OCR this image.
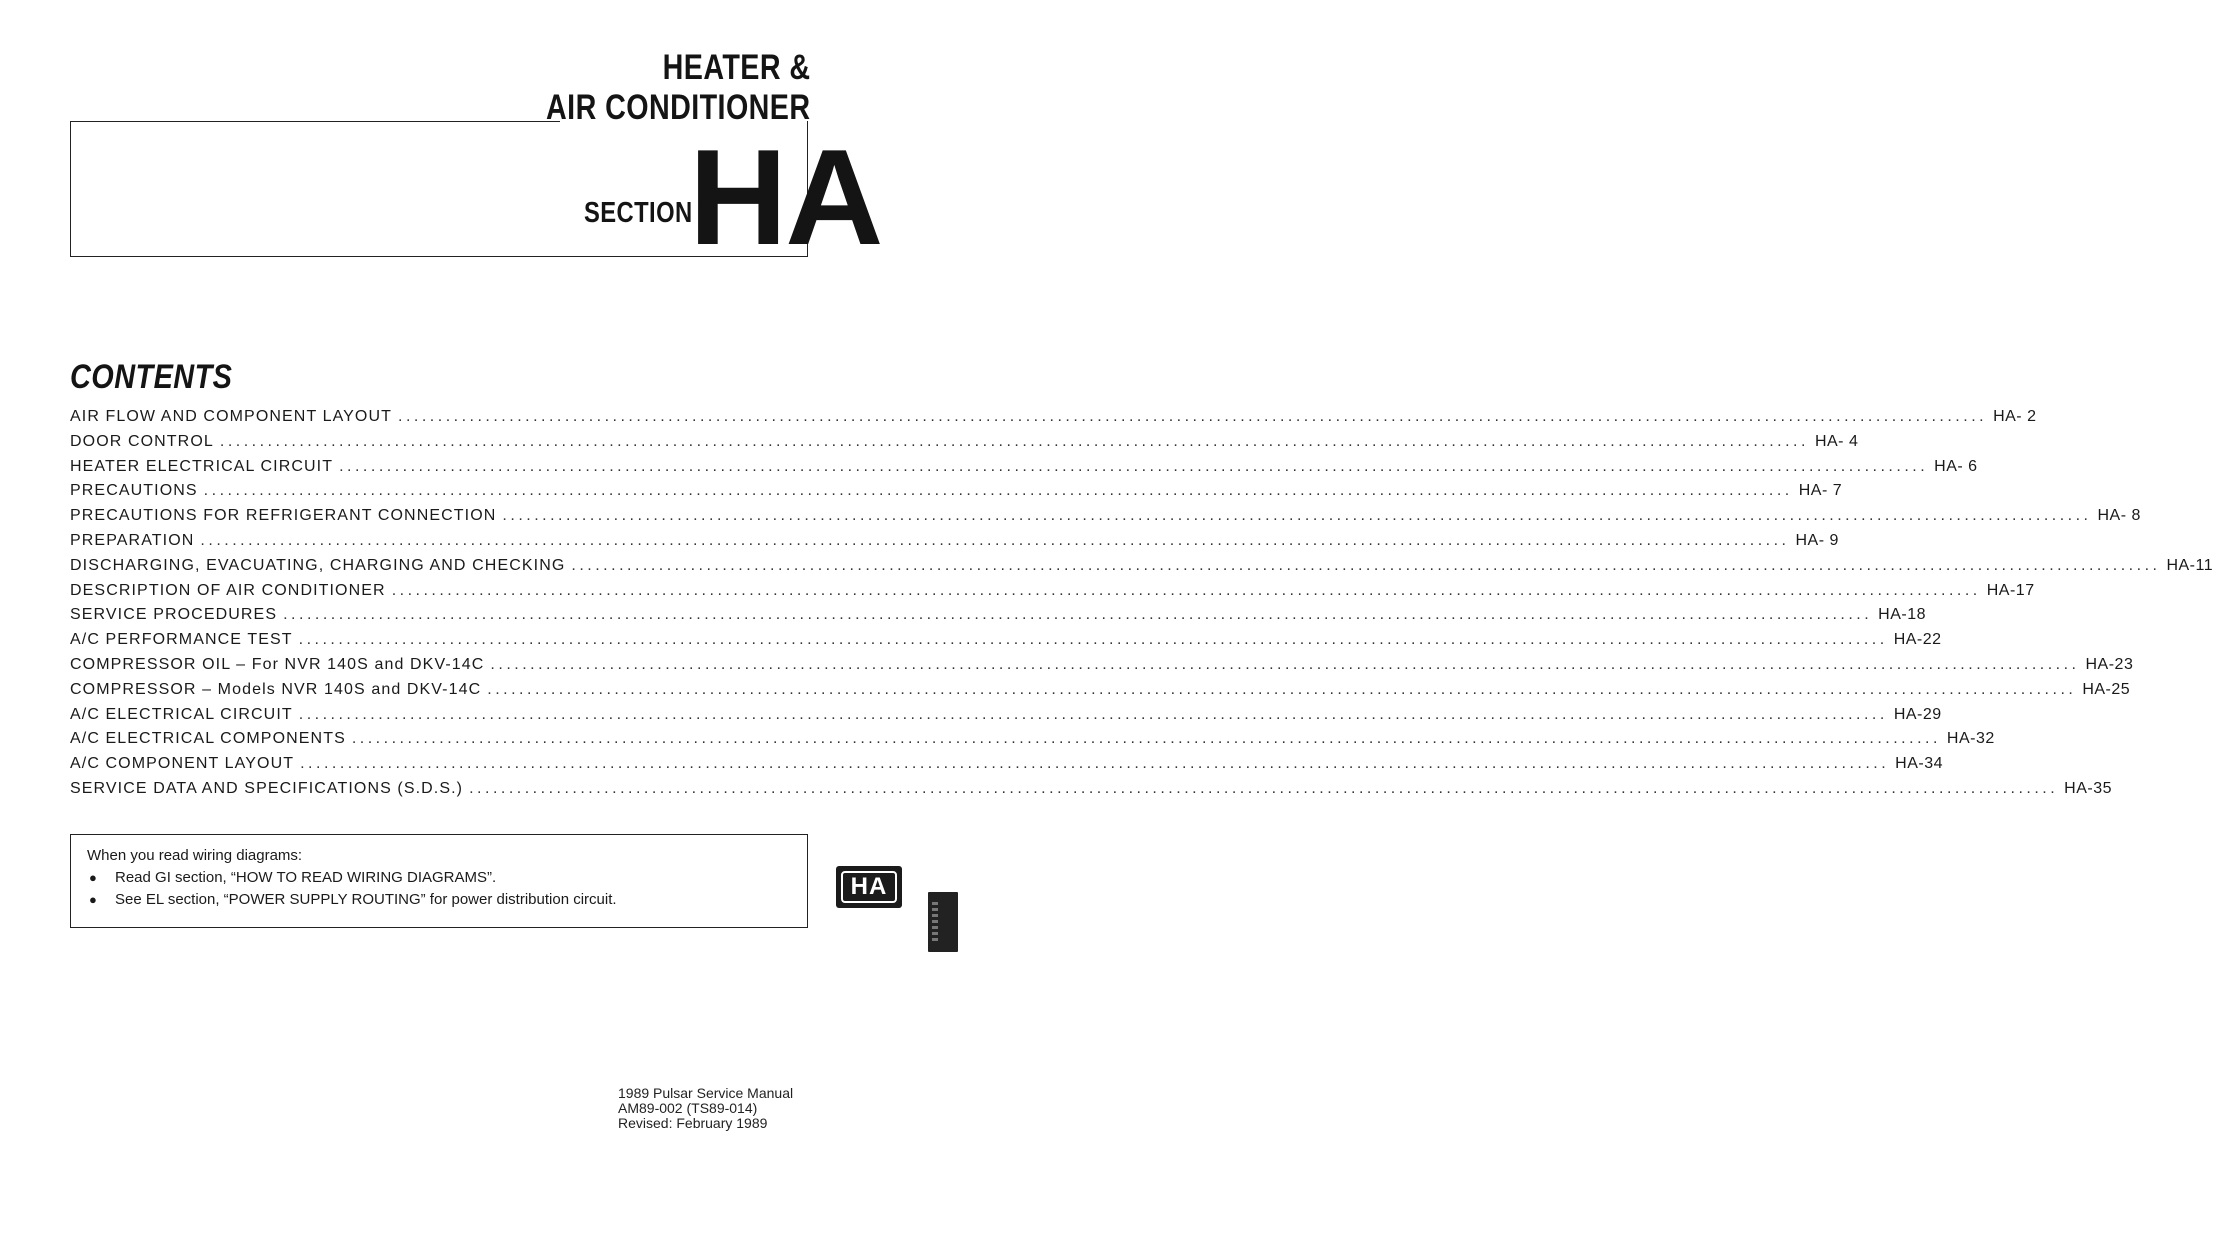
HEATER &
AIR CONDITIONER
SECTION
HA
CONTENTS
AIR FLOW AND COMPONENT LAYOUT ........................................................................................................................................................................................................ HA- 2
DOOR CONTROL ........................................................................................................................................................................................................ HA- 4
HEATER ELECTRICAL CIRCUIT ........................................................................................................................................................................................................ HA- 6
PRECAUTIONS ........................................................................................................................................................................................................ HA- 7
PRECAUTIONS FOR REFRIGERANT CONNECTION ........................................................................................................................................................................................................ HA- 8
PREPARATION ........................................................................................................................................................................................................ HA- 9
DISCHARGING, EVACUATING, CHARGING AND CHECKING ........................................................................................................................................................................................................ HA-11
DESCRIPTION OF AIR CONDITIONER ........................................................................................................................................................................................................ HA-17
SERVICE PROCEDURES ........................................................................................................................................................................................................ HA-18
A/C PERFORMANCE TEST ........................................................................................................................................................................................................ HA-22
COMPRESSOR OIL – For NVR 140S and DKV-14C ........................................................................................................................................................................................................ HA-23
COMPRESSOR – Models NVR 140S and DKV-14C ........................................................................................................................................................................................................ HA-25
A/C ELECTRICAL CIRCUIT ........................................................................................................................................................................................................ HA-29
A/C ELECTRICAL COMPONENTS ........................................................................................................................................................................................................ HA-32
A/C COMPONENT LAYOUT ........................................................................................................................................................................................................ HA-34
SERVICE DATA AND SPECIFICATIONS (S.D.S.) ........................................................................................................................................................................................................ HA-35
When you read wiring diagrams:
● Read GI section, “HOW TO READ WIRING DIAGRAMS”.
● See EL section, “POWER SUPPLY ROUTING” for power distribution circuit.	HA
1989 Pulsar Service Manual
AM89-002 (TS89-014)
Revised: February 1989
